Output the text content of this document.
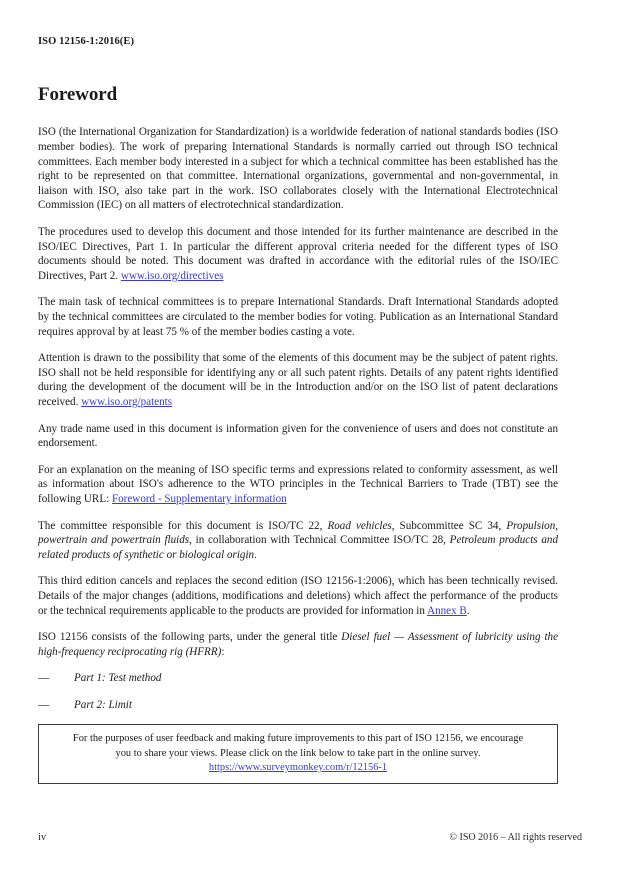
ISO 12156-1:2016(E)
Foreword

ISO (the International Organization for Standardization) is a worldwide federation of national standards bodies (ISO member bodies). The work of preparing International Standards is normally carried out through ISO technical committees. Each member body interested in a subject for which a technical committee has been established has the right to be represented on that committee. International organizations, governmental and non-governmental, in liaison with ISO, also take part in the work. ISO collaborates closely with the International Electrotechnical Commission (IEC) on all matters of electrotechnical standardization.

The procedures used to develop this document and those intended for its further maintenance are described in the ISO/IEC Directives, Part 1. In particular the different approval criteria needed for the different types of ISO documents should be noted. This document was drafted in accordance with the editorial rules of the ISO/IEC Directives, Part 2. www.iso.org/directives

The main task of technical committees is to prepare International Standards. Draft International Standards adopted by the technical committees are circulated to the member bodies for voting. Publication as an International Standard requires approval by at least 75 % of the member bodies casting a vote.

Attention is drawn to the possibility that some of the elements of this document may be the subject of patent rights. ISO shall not be held responsible for identifying any or all such patent rights. Details of any patent rights identified during the development of the document will be in the Introduction and/or on the ISO list of patent declarations received. www.iso.org/patents

Any trade name used in this document is information given for the convenience of users and does not constitute an endorsement.

For an explanation on the meaning of ISO specific terms and expressions related to conformity assessment, as well as information about ISO's adherence to the WTO principles in the Technical Barriers to Trade (TBT) see the following URL: Foreword - Supplementary information

The committee responsible for this document is ISO/TC 22, Road vehicles, Subcommittee SC 34, Propulsion, powertrain and powertrain fluids, in collaboration with Technical Committee ISO/TC 28, Petroleum products and related products of synthetic or biological origin.

This third edition cancels and replaces the second edition (ISO 12156-1:2006), which has been technically revised. Details of the major changes (additions, modifications and deletions) which affect the performance of the products or the technical requirements applicable to the products are provided for information in Annex B.

ISO 12156 consists of the following parts, under the general title Diesel fuel — Assessment of lubricity using the high-frequency reciprocating rig (HFRR):

— Part 1: Test method
— Part 2: Limit

For the purposes of user feedback and making future improvements to this part of ISO 12156, we encourage

you to share your views. Please click on the link below to take part in the online survey.

https://www.surveymonkey.com/r/12156-1

iv	© ISO 2016 – All rights reserved
